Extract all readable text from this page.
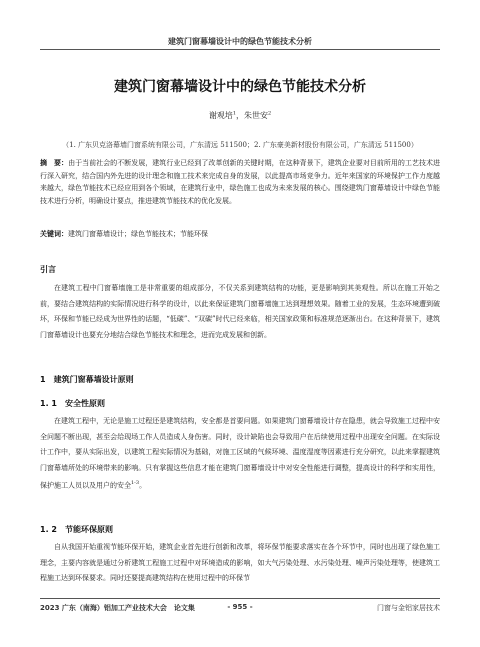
建筑门窗幕墙设计中的绿色节能技术分析
建筑门窗幕墙设计中的绿色节能技术分析
谢观培$^1$，朱世安$^2$
（1. 广东贝克洛幕墙门窗系统有限公司，广东清远 511500；2. 广东豪美新材股份有限公司，广东清远 511500）
摘　要：由于当前社会的不断发展，建筑行业已经到了改革创新的关键时期，在这种背景下，建筑企业要对目前所用的工艺技术进行深入研究，结合国内外先进的设计理念和施工技术来完成自身的发展，以此提高市场竞争力。近年来国家的环境保护工作力度越来越大，绿色节能技术已经应用到各个领域，在建筑行业中，绿色施工也成为未来发展的核心。围绕建筑门窗幕墙设计中绿色节能技术进行分析，明确设计要点，推进建筑节能技术的优化发展。
关键词：建筑门窗幕墙设计；绿色节能技术；节能环保
引言
在建筑工程中门窗幕墙施工是非常重要的组成部分，不仅关系到建筑结构的功能，更是影响到其美观性。所以在施工开始之前，要结合建筑结构的实际情况进行科学的设计，以此来保证建筑门窗幕墙施工达到理想效果。随着工业的发展，生态环境遭到破坏，环保和节能已经成为世界性的话题，“低碳”、“双碳”时代已经来临，相关国家政策和标准规范逐渐出台。在这种背景下，建筑门窗幕墙设计也要充分地结合绿色节能技术和理念，进而完成发展和创新。
1　建筑门窗幕墙设计原则
1. 1　安全性原则
在建筑工程中，无论是施工过程还是建筑结构，安全都是首要问题。如果建筑门窗幕墙设计存在隐患，就会导致施工过程中安全问题不断出现，甚至会给现场工作人员造成人身伤害。同时，设计缺陷也会导致用户在后续使用过程中出现安全问题。在实际设计工作中，要从实际出发，以建筑工程实际情况为基础，对施工区域的气候环境、温度湿度等因素进行充分研究，以此来掌握建筑门窗幕墙所处的环境带来的影响。只有掌握这些信息才能在建筑门窗幕墙设计中对安全性能进行调整，提高设计的科学和实用性，保护施工人员以及用户的安全$^{1-3}$。
1. 2　节能环保原则
自从我国开始重视节能环保开始，建筑企业首先进行创新和改革，将环保节能要求落实在各个环节中，同时也出现了绿色施工理念，主要内容就是通过分析建筑工程施工过程中对环境造成的影响，如大气污染处理、水污染处理、噪声污染处理等，使建筑工程施工达到环保要求。同时还要提高建筑结构在使用过程中的环保节
2023 广东（南海）铝加工产业技术大会　论文集	- 955 -	门窗与金铝家居技术
